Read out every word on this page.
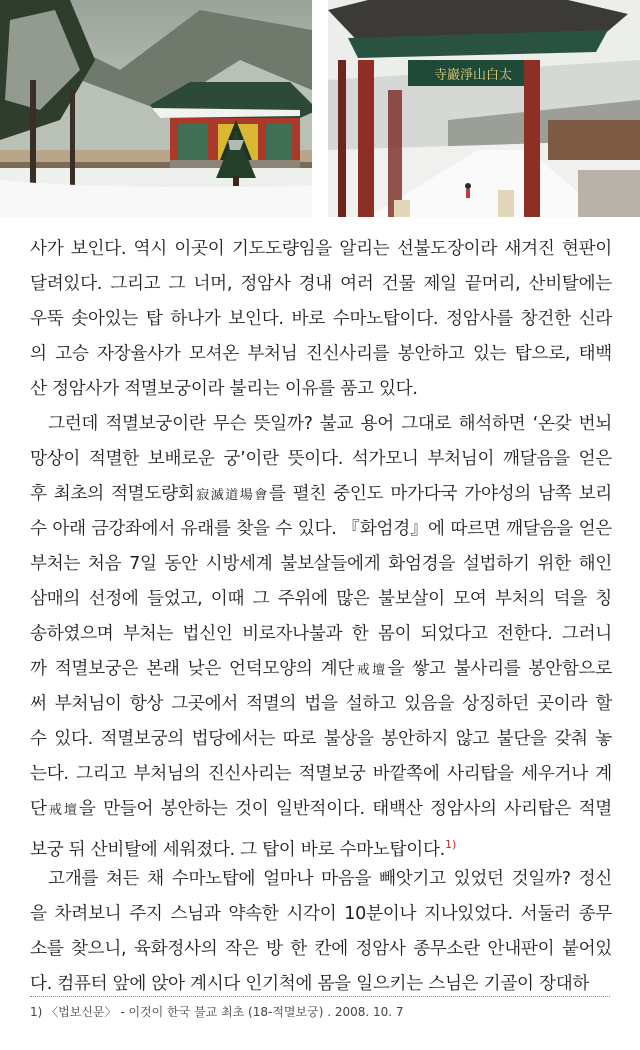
寺巖淨山白太
사가 보인다. 역시 이곳이 기도도량임을 알리는 선불도장이라 새겨진 현판이
달려있다. 그리고 그 너머, 정암사 경내 여러 건물 제일 끝머리, 산비탈에는
우뚝 솟아있는 탑 하나가 보인다. 바로 수마노탑이다. 정암사를 창건한 신라
의 고승 자장율사가 모셔온 부처님 진신사리를 봉안하고 있는 탑으로, 태백
산 정암사가 적멸보궁이라 불리는 이유를 품고 있다.
그런데 적멸보궁이란 무슨 뜻일까? 불교 용어 그대로 해석하면 ‘온갖 번뇌
망상이 적멸한 보배로운 궁’이란 뜻이다. 석가모니 부처님이 깨달음을 얻은
후 최초의 적멸도량회寂滅道場會를 펼친 중인도 마가다국 가야성의 남쪽 보리
수 아래 금강좌에서 유래를 찾을 수 있다. 『화엄경』에 따르면 깨달음을 얻은
부처는 처음 7일 동안 시방세계 불보살들에게 화엄경을 설법하기 위한 해인
삼매의 선정에 들었고, 이때 그 주위에 많은 불보살이 모여 부처의 덕을 칭
송하였으며 부처는 법신인 비로자나불과 한 몸이 되었다고 전한다. 그러니
까 적멸보궁은 본래 낮은 언덕모양의 계단戒壇을 쌓고 불사리를 봉안함으로
써 부처님이 항상 그곳에서 적멸의 법을 설하고 있음을 상징하던 곳이라 할
수 있다. 적멸보궁의 법당에서는 따로 불상을 봉안하지 않고 불단을 갖춰 놓
는다. 그리고 부처님의 진신사리는 적멸보궁 바깥쪽에 사리탑을 세우거나 계
단戒壇을 만들어 봉안하는 것이 일반적이다. 태백산 정암사의 사리탑은 적멸
보궁 뒤 산비탈에 세워졌다. 그 탑이 바로 수마노탑이다.$^{1)}$
고개를 쳐든 채 수마노탑에 얼마나 마음을 빼앗기고 있었던 것일까? 정신
을 차려보니 주지 스님과 약속한 시각이 10분이나 지나있었다. 서둘러 종무
소를 찾으니, 육화정사의 작은 방 한 칸에 정암사 종무소란 안내판이 붙어있
다. 컴퓨터 앞에 앉아 계시다 인기척에 몸을 일으키는 스님은 기골이 장대하
1) 〈법보신문〉 - 이것이 한국 불교 최초 (18-적멸보궁) . 2008. 10. 7
